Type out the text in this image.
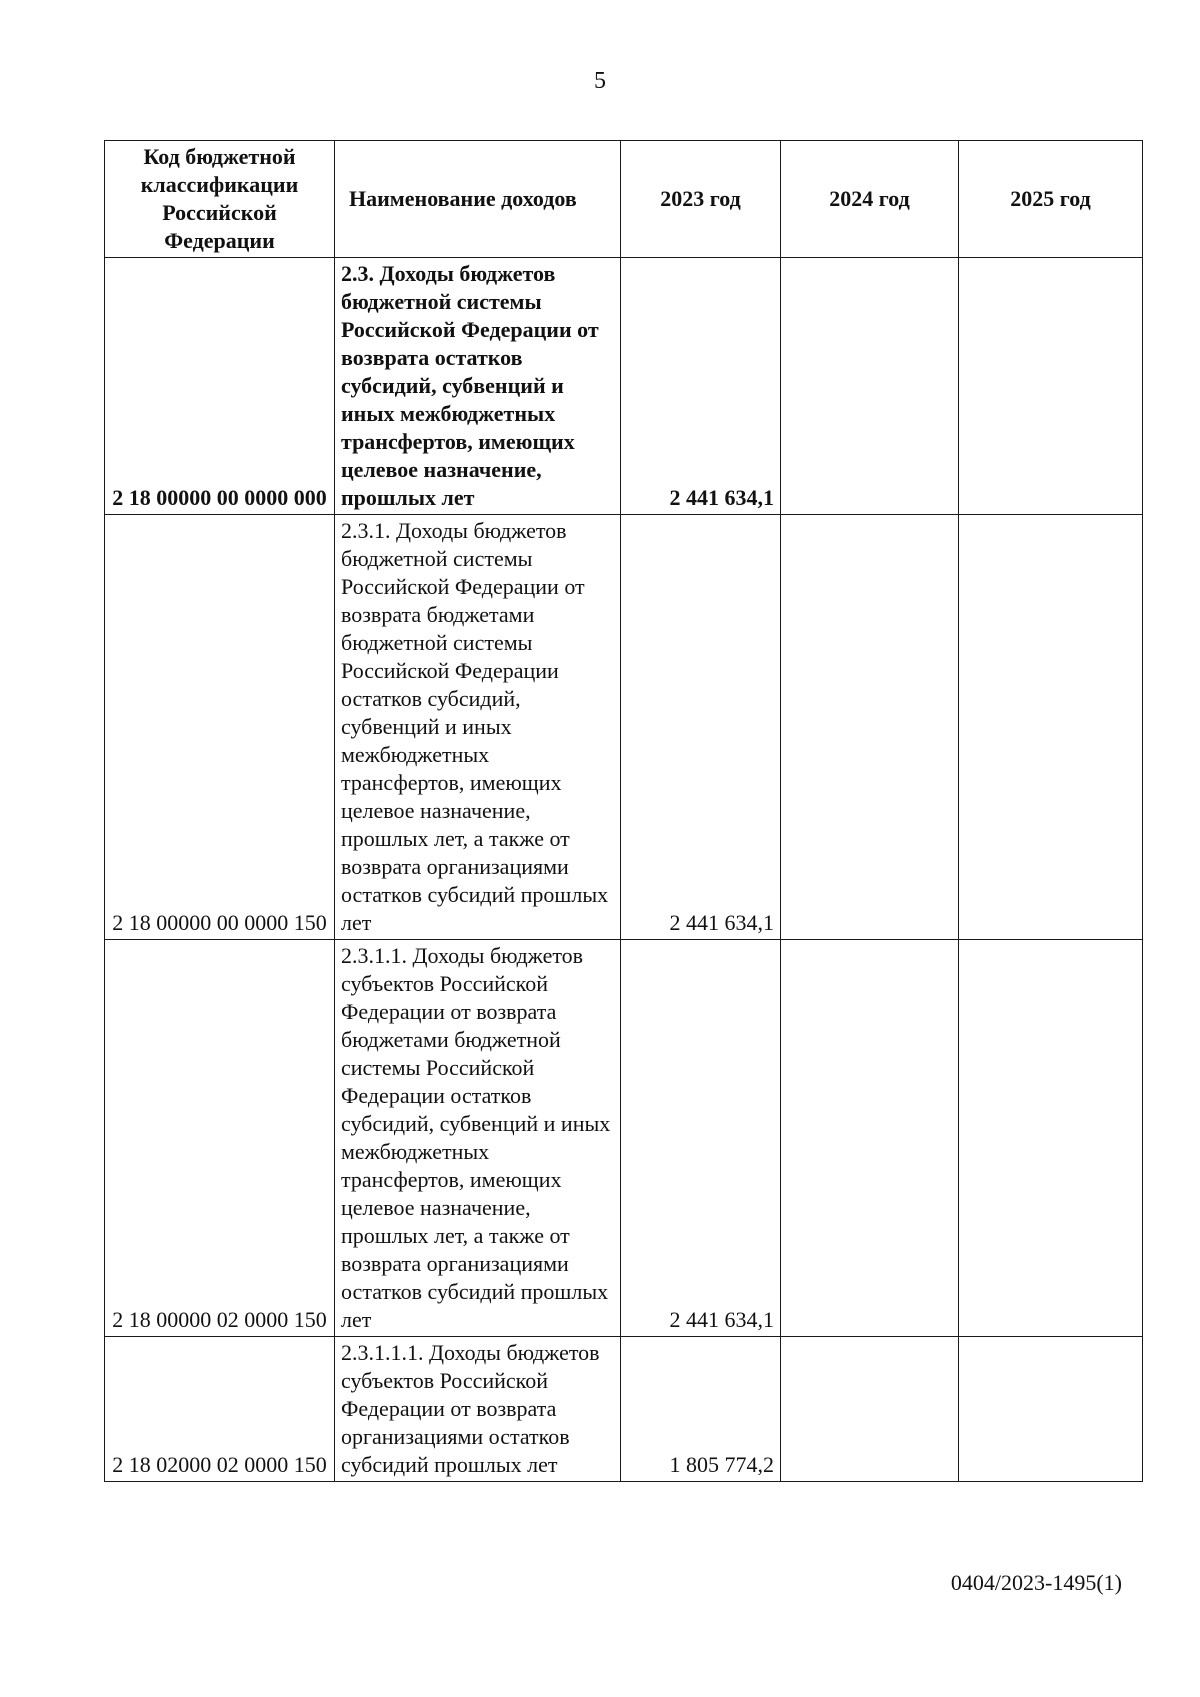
5
Код бюджетной классификации Российской Федерации	Наименование доходов	2023 год	2024 год	2025 год
2 18 00000 00 0000 000	2.3. Доходы бюджетов бюджетной системы Российской Федерации от возврата остатков субсидий, субвенций и иных межбюджетных трансфертов, имеющих целевое назначение, прошлых лет	2 441 634,1		
2 18 00000 00 0000 150	2.3.1. Доходы бюджетов бюджетной системы Российской Федерации от возврата бюджетами бюджетной системы Российской Федерации остатков субсидий, субвенций и иных межбюджетных трансфертов, имеющих целевое назначение, прошлых лет, а также от возврата организациями остатков субсидий прошлых лет	2 441 634,1		
2 18 00000 02 0000 150	2.3.1.1. Доходы бюджетов субъектов Российской Федерации от возврата бюджетами бюджетной системы Российской Федерации остатков субсидий, субвенций и иных межбюджетных трансфертов, имеющих целевое назначение, прошлых лет, а также от возврата организациями остатков субсидий прошлых лет	2 441 634,1		
2 18 02000 02 0000 150	2.3.1.1.1. Доходы бюджетов субъектов Российской Федерации от возврата организациями остатков субсидий прошлых лет	1 805 774,2		
0404/2023-1495(1)
